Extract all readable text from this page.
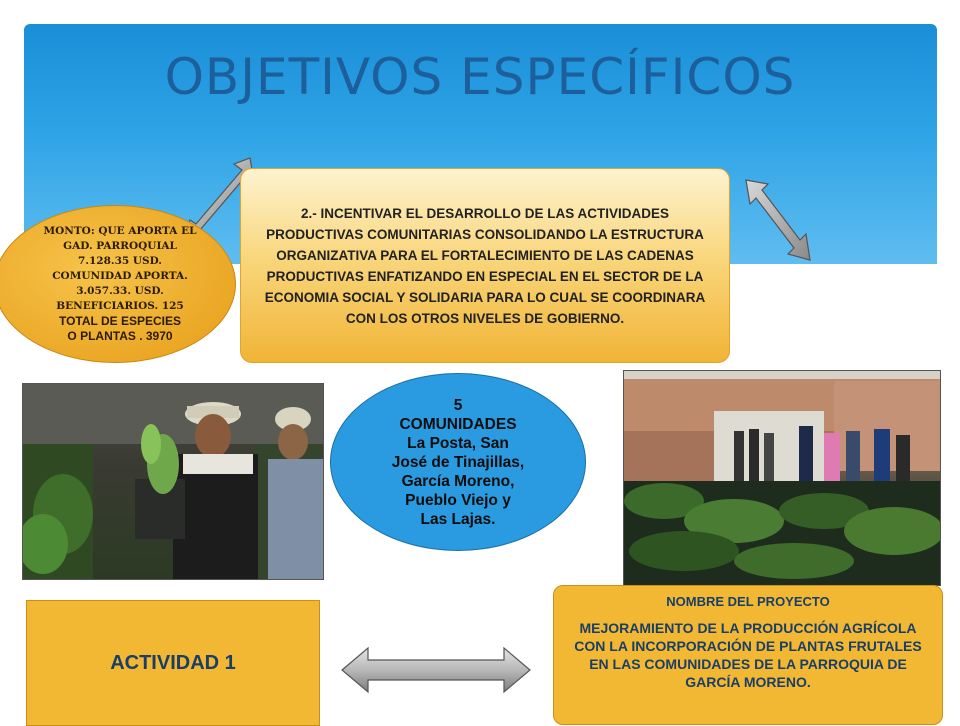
OBJETIVOS ESPECÍFICOS
MONTO: QUE APORTA EL
GAD. PARROQUIAL
7.128.35 USD.
COMUNIDAD APORTA.
3.057.33. USD.
BENEFICIARIOS. 125
TOTAL DE ESPECIES
O PLANTAS . 3970

2.- INCENTIVAR EL DESARROLLO DE LAS ACTIVIDADES PRODUCTIVAS COMUNITARIAS CONSOLIDANDO LA ESTRUCTURA ORGANIZATIVA PARA EL FORTALECIMIENTO DE LAS CADENAS PRODUCTIVAS ENFATIZANDO EN ESPECIAL EN EL SECTOR DE LA ECONOMIA SOCIAL Y SOLIDARIA PARA LO CUAL SE COORDINARA CON LOS OTROS NIVELES DE GOBIERNO.

5
COMUNIDADES
La Posta, San
José de Tinajillas,
García Moreno,
Pueblo Viejo y
Las Lajas.
ACTIVIDAD 1
NOMBRE DEL PROYECTO

MEJORAMIENTO DE LA PRODUCCIÓN AGRÍCOLA CON LA INCORPORACIÓN DE PLANTAS FRUTALES EN LAS COMUNIDADES DE LA PARROQUIA DE GARCÍA MORENO.
